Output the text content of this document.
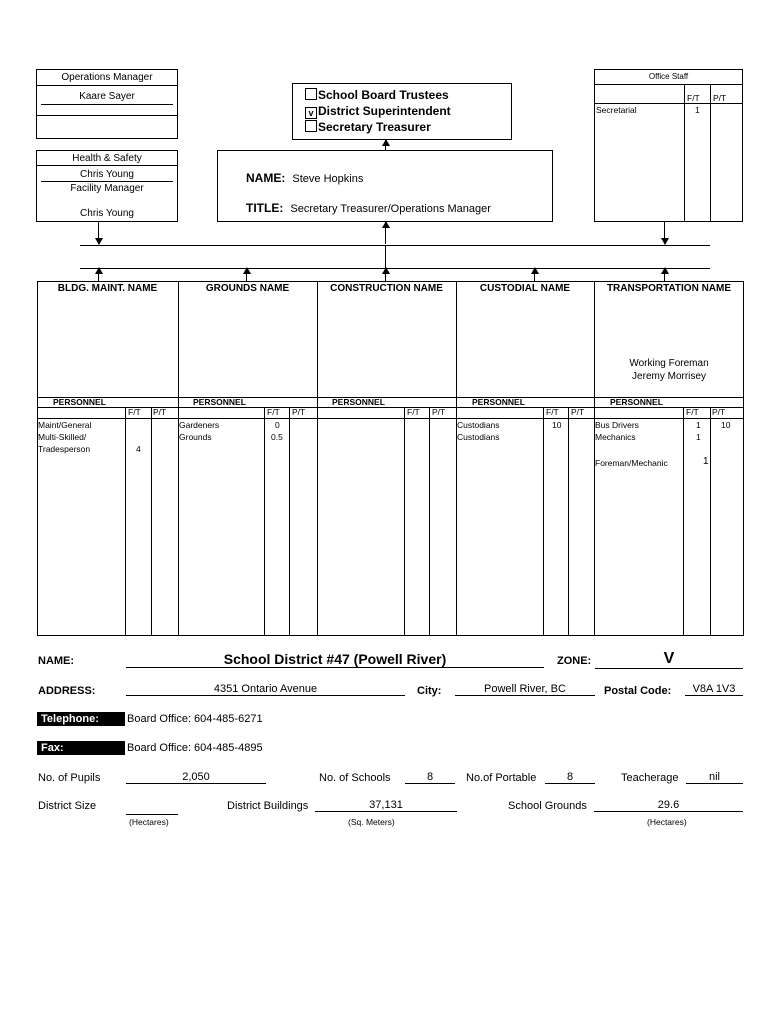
Operations Manager
Kaare Sayer
Health & Safety
Chris Young
Facility Manager
Chris Young
School Board Trustees
v District Superintendent
Secretary Treasurer
NAME: Steve Hopkins
TITLE: Secretary Treasurer/Operations Manager
Office Staff
F/T P/T
Secretarial	1
BLDG. MAINT. NAME
PERSONNEL
F/T P/T
Maint/General
Multi-Skilled/
Tradesperson	4
GROUNDS NAME
PERSONNEL
F/T P/T
Gardeners	0
Grounds	0.5
CONSTRUCTION NAME
PERSONNEL
F/T P/T
CUSTODIAL NAME
PERSONNEL
F/T P/T
Custodians	10
Custodians
TRANSPORTATION NAME
Working Foreman
Jeremy Morrisey
PERSONNEL
F/T P/T
Bus Drivers	1 10
Mechanics	1
Foreman/Mechanic	1
NAME:	School District #47 (Powell River)	ZONE:	V
ADDRESS:	4351 Ontario Avenue	City:	Powell River, BC	Postal Code:	V8A 1V3
Telephone:	Board Office: 604-485-6271
Fax:	Board Office: 604-485-4895
No. of Pupils	2,050	No. of Schools	8	No.of Portable	8	Teacherage	nil
District Size
(Hectares)
District Buildings	37,131
(Sq. Meters)
School Grounds	29.6
(Hectares)
